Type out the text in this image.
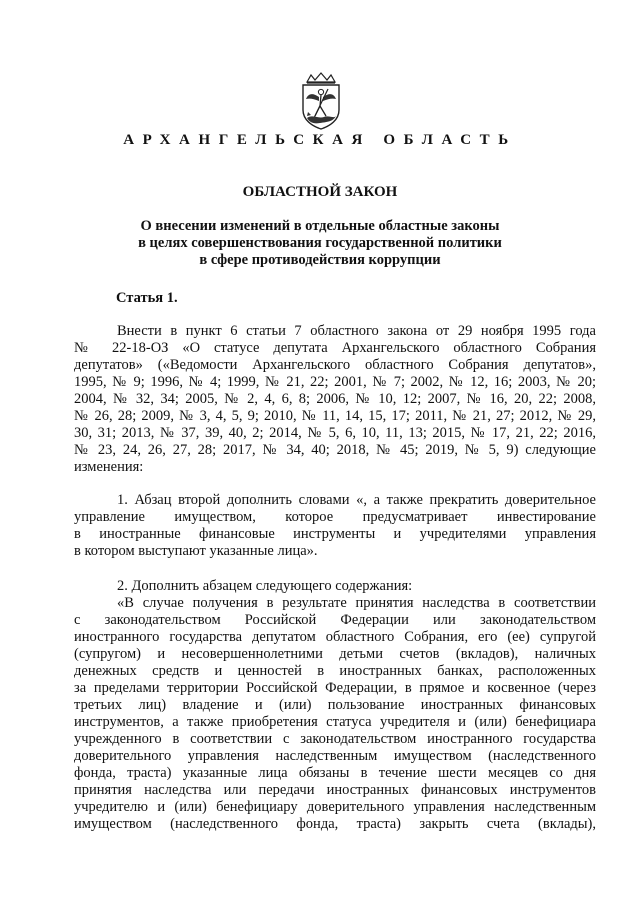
АРХАНГЕЛЬСКАЯ ОБЛАСТЬ
ОБЛАСТНОЙ ЗАКОН
О внесении изменений в отдельные областные законы
в целях совершенствования государственной политики
в сфере противодействия коррупции
Статья 1.
Внести в пункт 6 статьи 7 областного закона от 29 ноября 1995 года
№ 22-18-ОЗ «О статусе депутата Архангельского областного Собрания
депутатов» («Ведомости Архангельского областного Собрания депутатов»,
1995, № 9; 1996, № 4; 1999, № 21, 22; 2001, № 7; 2002, № 12, 16; 2003, № 20;
2004, № 32, 34; 2005, № 2, 4, 6, 8; 2006, № 10, 12; 2007, № 16, 20, 22; 2008,
№ 26, 28; 2009, № 3, 4, 5, 9; 2010, № 11, 14, 15, 17; 2011, № 21, 27; 2012, № 29,
30, 31; 2013, № 37, 39, 40, 2; 2014, № 5, 6, 10, 11, 13; 2015, № 17, 21, 22; 2016,
№ 23, 24, 26, 27, 28; 2017, № 34, 40; 2018, № 45; 2019, № 5, 9) следующие
изменения:
1. Абзац второй дополнить словами «, а также прекратить доверительное
управление имуществом, которое предусматривает инвестирование
в иностранные финансовые инструменты и учредителями управления
в котором выступают указанные лица».
2. Дополнить абзацем следующего содержания:
«В случае получения в результате принятия наследства в соответствии
с законодательством Российской Федерации или законодательством
иностранного государства депутатом областного Собрания, его (ее) супругой
(супругом) и несовершеннолетними детьми счетов (вкладов), наличных
денежных средств и ценностей в иностранных банках, расположенных
за пределами территории Российской Федерации, в прямое и косвенное (через
третьих лиц) владение и (или) пользование иностранных финансовых
инструментов, а также приобретения статуса учредителя и (или) бенефициара
учрежденного в соответствии с законодательством иностранного государства
доверительного управления наследственным имуществом (наследственного
фонда, траста) указанные лица обязаны в течение шести месяцев со дня
принятия наследства или передачи иностранных финансовых инструментов
учредителю и (или) бенефициару доверительного управления наследственным
имуществом (наследственного фонда, траста) закрыть счета (вклады),
